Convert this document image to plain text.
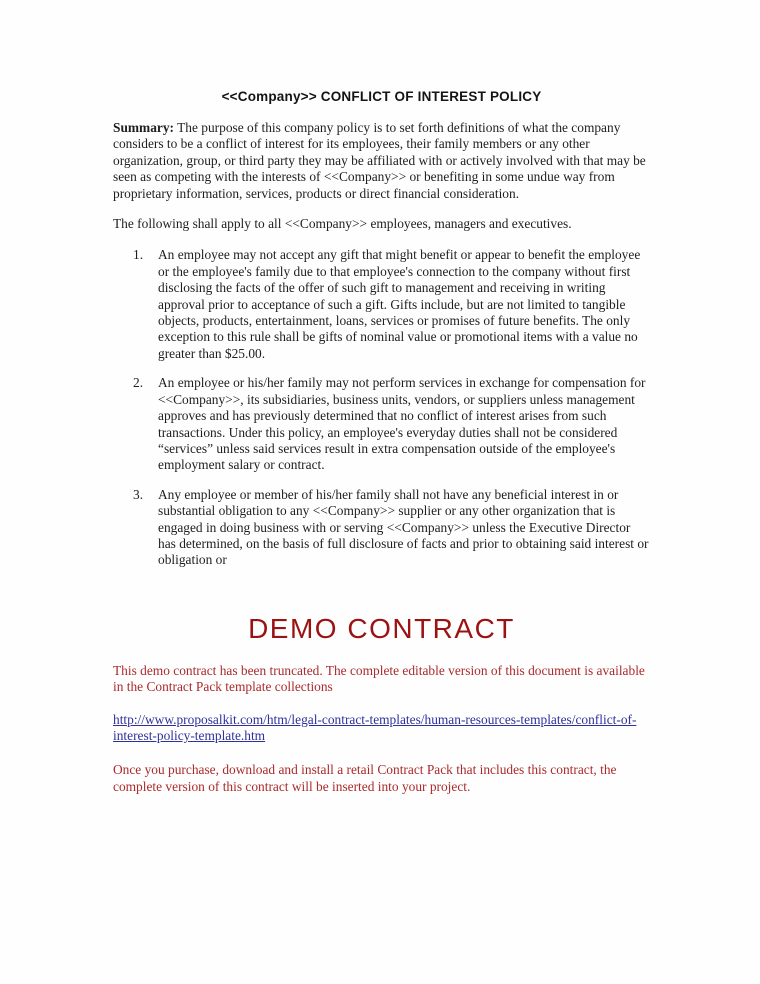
<<Company>> CONFLICT OF INTEREST POLICY

Summary: The purpose of this company policy is to set forth definitions of what the company considers to be a conflict of interest for its employees, their family members or any other organization, group, or third party they may be affiliated with or actively involved with that may be seen as competing with the interests of <<Company>> or benefiting in some undue way from proprietary information, services, products or direct financial consideration.

The following shall apply to all <<Company>> employees, managers and executives.

1.	An employee may not accept any gift that might benefit or appear to benefit the employee or the employee's family due to that employee's connection to the company without first disclosing the facts of the offer of such gift to management and receiving in writing approval prior to acceptance of such a gift. Gifts include, but are not limited to tangible objects, products, entertainment, loans, services or promises of future benefits. The only exception to this rule shall be gifts of nominal value or promotional items with a value no greater than $25.00.
2.	An employee or his/her family may not perform services in exchange for compensation for <<Company>>, its subsidiaries, business units, vendors, or suppliers unless management approves and has previously determined that no conflict of interest arises from such transactions. Under this policy, an employee's everyday duties shall not be considered “services” unless said services result in extra compensation outside of the employee's employment salary or contract.
3.	Any employee or member of his/her family shall not have any beneficial interest in or substantial obligation to any <<Company>> supplier or any other organization that is engaged in doing business with or serving <<Company>> unless the Executive Director has determined, on the basis of full disclosure of facts and prior to obtaining said interest or obligation or
DEMO CONTRACT

This demo contract has been truncated. The complete editable version of this document is available in the Contract Pack template collections

http://www.proposalkit.com/htm/legal-contract-templates/human-resources-templates/conflict-of-interest-policy-template.htm

Once you purchase, download and install a retail Contract Pack that includes this contract, the complete version of this contract will be inserted into your project.
